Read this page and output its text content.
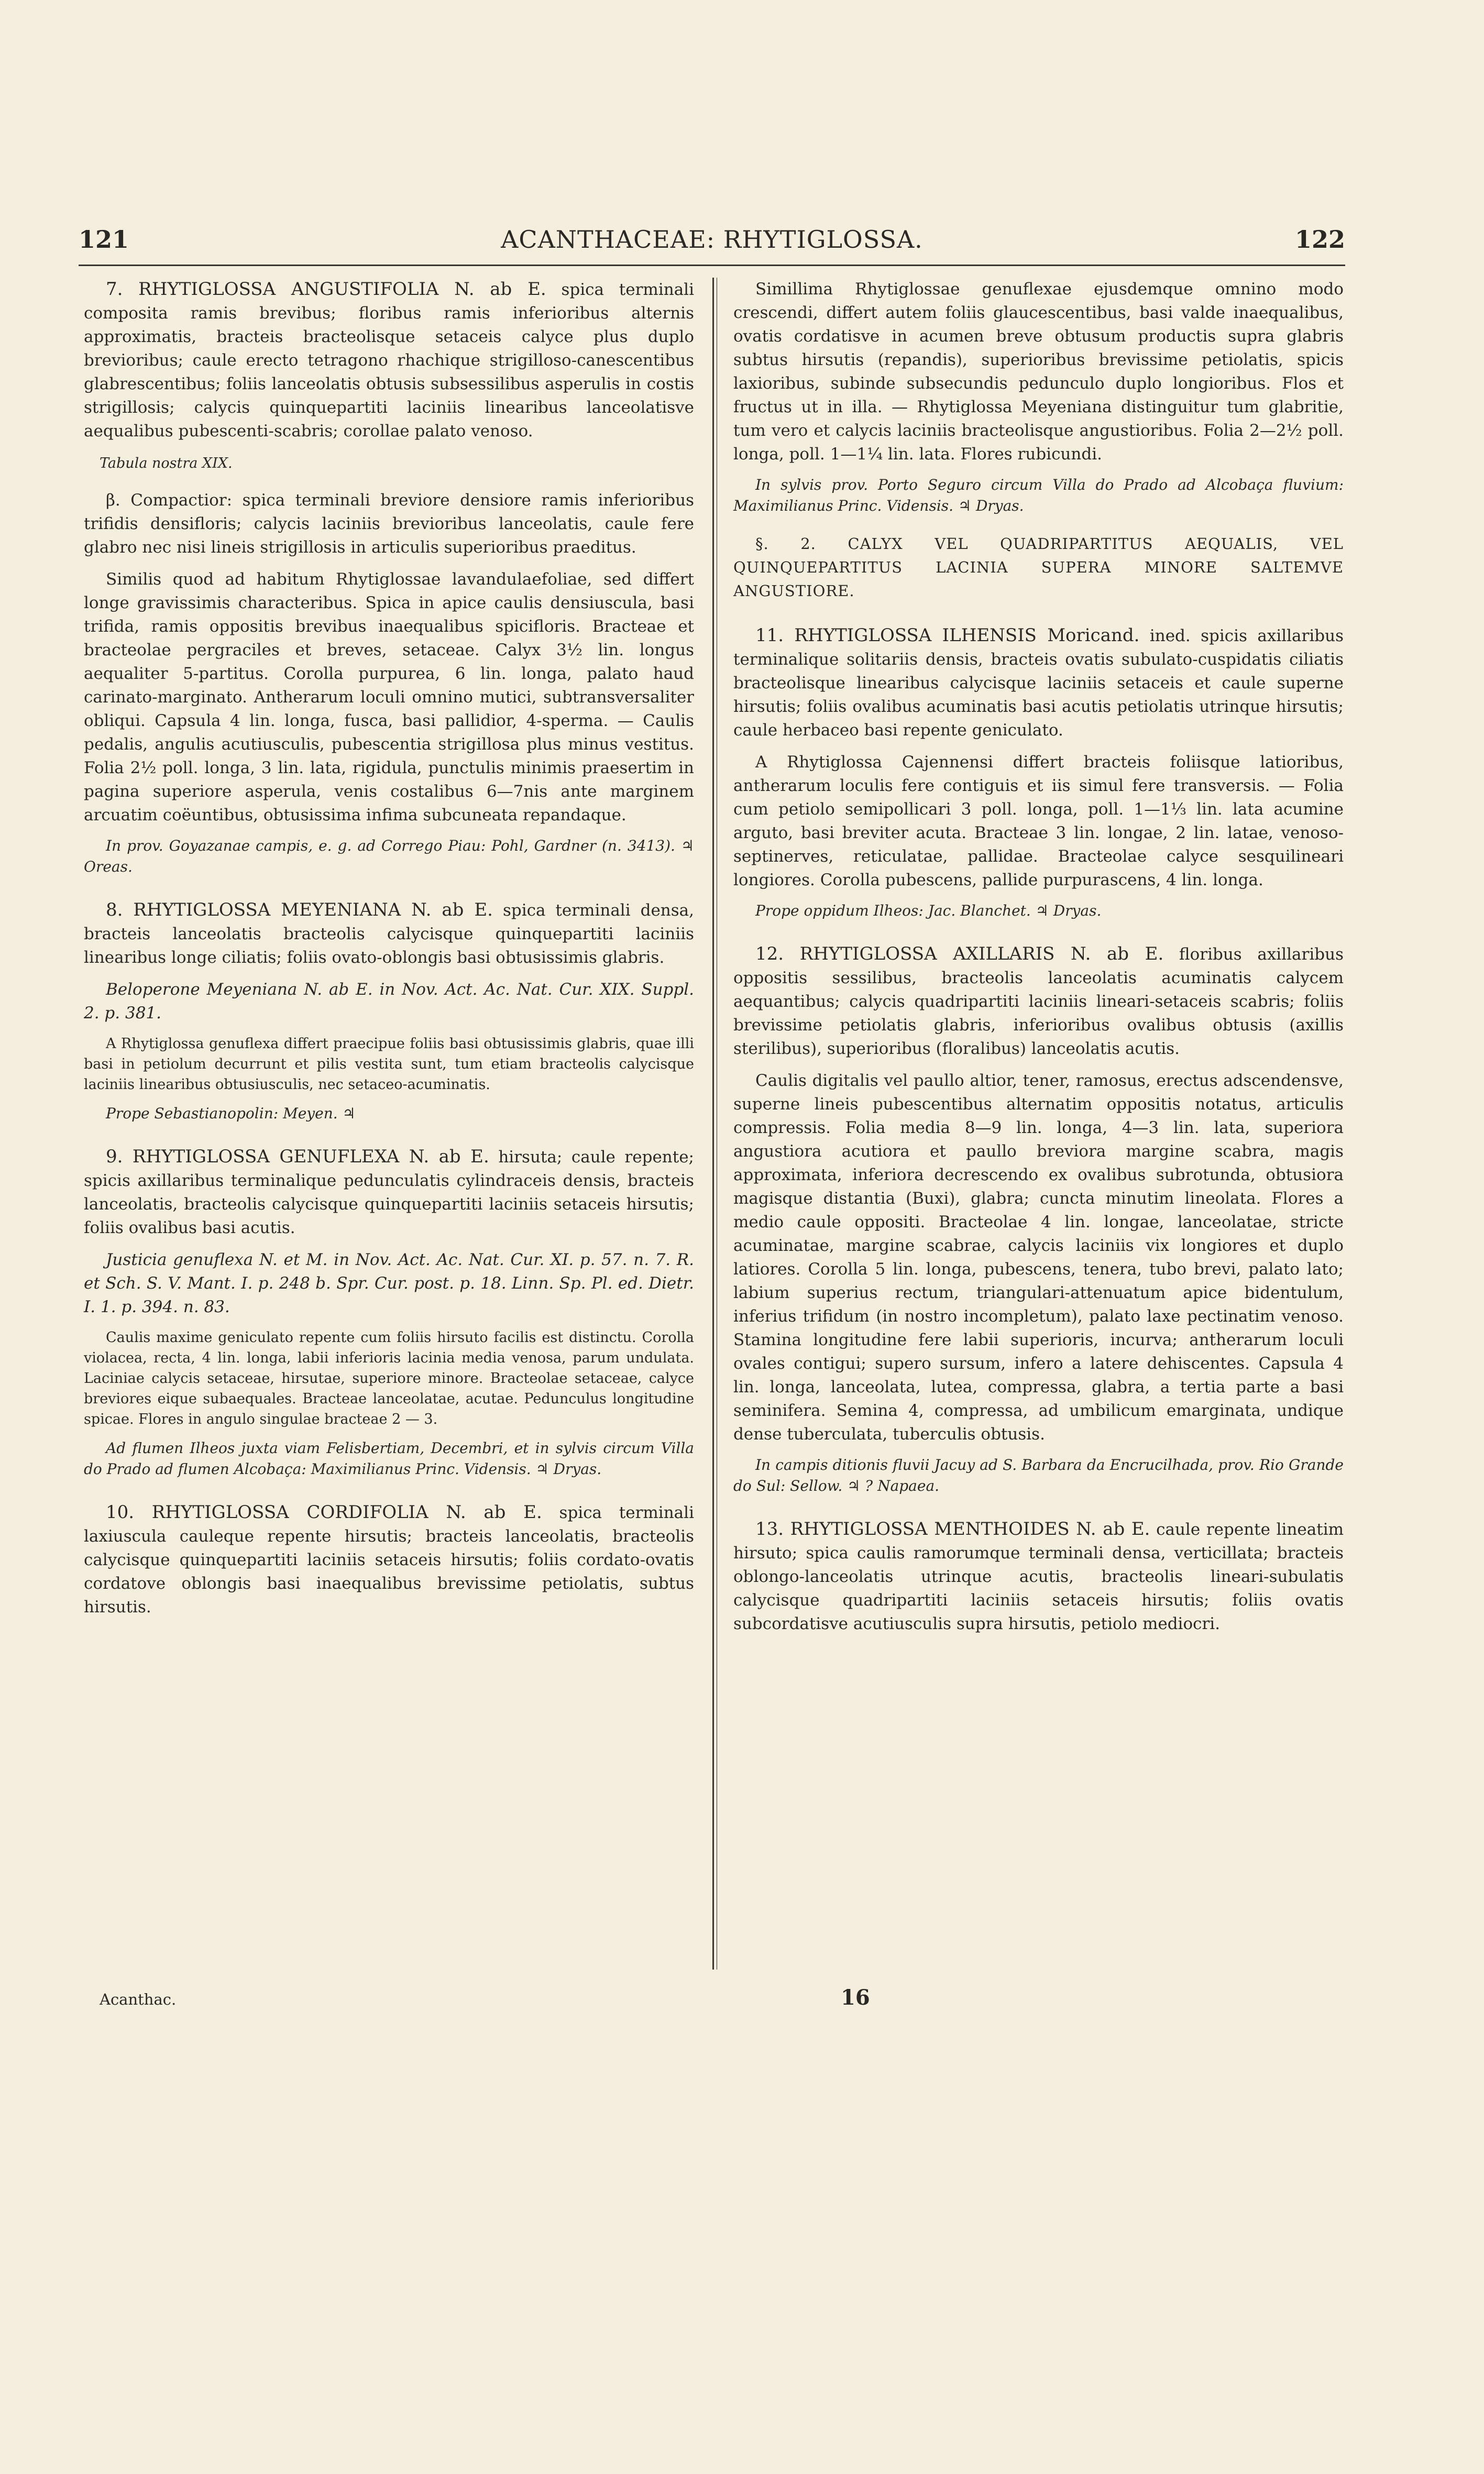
121	ACANTHACEAE: RHYTIGLOSSA.	122

7. RHYTIGLOSSA ANGUSTIFOLIA N. ab E. spica terminali composita ramis brevibus; floribus ramis inferioribus alternis approximatis, bracteis bracteolisque setaceis calyce plus duplo brevioribus; caule erecto tetragono rhachique strigilloso-canescentibus glabrescentibus; foliis lanceolatis obtusis subsessilibus asperulis in costis strigillosis; calycis quinquepartiti laciniis linearibus lanceolatisve aequalibus pubescenti-scabris; corollae palato venoso.

Tabula nostra XIX.

β. Compactior: spica terminali breviore densiore ramis inferioribus trifidis densifloris; calycis laciniis brevioribus lanceolatis, caule fere glabro nec nisi lineis strigillosis in articulis superioribus praeditus.

Similis quod ad habitum Rhytiglossae lavandulaefoliae, sed differt longe gravissimis characteribus. Spica in apice caulis densiuscula, basi trifida, ramis oppositis brevibus inaequalibus spicifloris. Bracteae et bracteolae pergraciles et breves, setaceae. Calyx 3½ lin. longus aequaliter 5-partitus. Corolla purpurea, 6 lin. longa, palato haud carinato-marginato. Antherarum loculi omnino mutici, subtransversaliter obliqui. Capsula 4 lin. longa, fusca, basi pallidior, 4-sperma. — Caulis pedalis, angulis acutiusculis, pubescentia strigillosa plus minus vestitus. Folia 2½ poll. longa, 3 lin. lata, rigidula, punctulis minimis praesertim in pagina superiore asperula, venis costalibus 6—7nis ante marginem arcuatim coëuntibus, obtusissima infima subcuneata repandaque.

In prov. Goyazanae campis, e. g. ad Corrego Piau: Pohl, Gardner (n. 3413). ♃ Oreas.

8. RHYTIGLOSSA MEYENIANA N. ab E. spica terminali densa, bracteis lanceolatis bracteolis calycisque quinquepartiti laciniis linearibus longe ciliatis; foliis ovato-oblongis basi obtusissimis glabris.

Beloperone Meyeniana N. ab E. in Nov. Act. Ac. Nat. Cur. XIX. Suppl. 2. p. 381.

A Rhytiglossa genuflexa differt praecipue foliis basi obtusissimis glabris, quae illi basi in petiolum decurrunt et pilis vestita sunt, tum etiam bracteolis calycisque laciniis linearibus obtusiusculis, nec setaceo-acuminatis.

Prope Sebastianopolin: Meyen. ♃

9. RHYTIGLOSSA GENUFLEXA N. ab E. hirsuta; caule repente; spicis axillaribus terminalique pedunculatis cylindraceis densis, bracteis lanceolatis, bracteolis calycisque quinquepartiti laciniis setaceis hirsutis; foliis ovalibus basi acutis.

Justicia genuflexa N. et M. in Nov. Act. Ac. Nat. Cur. XI. p. 57. n. 7. R. et Sch. S. V. Mant. I. p. 248 b. Spr. Cur. post. p. 18. Linn. Sp. Pl. ed. Dietr. I. 1. p. 394. n. 83.

Caulis maxime geniculato repente cum foliis hirsuto facilis est distinctu. Corolla violacea, recta, 4 lin. longa, labii inferioris lacinia media venosa, parum undulata. Laciniae calycis setaceae, hirsutae, superiore minore. Bracteolae setaceae, calyce breviores eique subaequales. Bracteae lanceolatae, acutae. Pedunculus longitudine spicae. Flores in angulo singulae bracteae 2 — 3.

Ad flumen Ilheos juxta viam Felisbertiam, Decembri, et in sylvis circum Villa do Prado ad flumen Alcobaça: Maximilianus Princ. Vidensis. ♃ Dryas.

10. RHYTIGLOSSA CORDIFOLIA N. ab E. spica terminali laxiuscula cauleque repente hirsutis; bracteis lanceolatis, bracteolis calycisque quinquepartiti laciniis setaceis hirsutis; foliis cordato-ovatis cordatove oblongis basi inaequalibus brevissime petiolatis, subtus hirsutis.

Simillima Rhytiglossae genuflexae ejusdemque omnino modo crescendi, differt autem foliis glaucescentibus, basi valde inaequalibus, ovatis cordatisve in acumen breve obtusum productis supra glabris subtus hirsutis (repandis), superioribus brevissime petiolatis, spicis laxioribus, subinde subsecundis pedunculo duplo longioribus. Flos et fructus ut in illa. — Rhytiglossa Meyeniana distinguitur tum glabritie, tum vero et calycis laciniis bracteolisque angustioribus. Folia 2—2½ poll. longa, poll. 1—1¼ lin. lata. Flores rubicundi.

In sylvis prov. Porto Seguro circum Villa do Prado ad Alcobaça fluvium: Maximilianus Princ. Vidensis. ♃ Dryas.

§. 2. CALYX VEL QUADRIPARTITUS AEQUALIS, VEL QUINQUEPARTITUS LACINIA SUPERA MINORE SALTEMVE ANGUSTIORE.

11. RHYTIGLOSSA ILHENSIS Moricand. ined. spicis axillaribus terminalique solitariis densis, bracteis ovatis subulato-cuspidatis ciliatis bracteolisque linearibus calycisque laciniis setaceis et caule superne hirsutis; foliis ovalibus acuminatis basi acutis petiolatis utrinque hirsutis; caule herbaceo basi repente geniculato.

A Rhytiglossa Cajennensi differt bracteis foliisque latioribus, antherarum loculis fere contiguis et iis simul fere transversis. — Folia cum petiolo semipollicari 3 poll. longa, poll. 1—1⅓ lin. lata acumine arguto, basi breviter acuta. Bracteae 3 lin. longae, 2 lin. latae, venoso-septinerves, reticulatae, pallidae. Bracteolae calyce sesquilineari longiores. Corolla pubescens, pallide purpurascens, 4 lin. longa.

Prope oppidum Ilheos: Jac. Blanchet. ♃ Dryas.

12. RHYTIGLOSSA AXILLARIS N. ab E. floribus axillaribus oppositis sessilibus, bracteolis lanceolatis acuminatis calycem aequantibus; calycis quadripartiti laciniis lineari-setaceis scabris; foliis brevissime petiolatis glabris, inferioribus ovalibus obtusis (axillis sterilibus), superioribus (floralibus) lanceolatis acutis.

Caulis digitalis vel paullo altior, tener, ramosus, erectus adscendensve, superne lineis pubescentibus alternatim oppositis notatus, articulis compressis. Folia media 8—9 lin. longa, 4—3 lin. lata, superiora angustiora acutiora et paullo breviora margine scabra, magis approximata, inferiora decrescendo ex ovalibus subrotunda, obtusiora magisque distantia (Buxi), glabra; cuncta minutim lineolata. Flores a medio caule oppositi. Bracteolae 4 lin. longae, lanceolatae, stricte acuminatae, margine scabrae, calycis laciniis vix longiores et duplo latiores. Corolla 5 lin. longa, pubescens, tenera, tubo brevi, palato lato; labium superius rectum, triangulari-attenuatum apice bidentulum, inferius trifidum (in nostro incompletum), palato laxe pectinatim venoso. Stamina longitudine fere labii superioris, incurva; antherarum loculi ovales contigui; supero sursum, infero a latere dehiscentes. Capsula 4 lin. longa, lanceolata, lutea, compressa, glabra, a tertia parte a basi seminifera. Semina 4, compressa, ad umbilicum emarginata, undique dense tuberculata, tuberculis obtusis.

In campis ditionis fluvii Jacuy ad S. Barbara da Encrucilhada, prov. Rio Grande do Sul: Sellow. ♃ ? Napaea.

13. RHYTIGLOSSA MENTHOIDES N. ab E. caule repente lineatim hirsuto; spica caulis ramorumque terminali densa, verticillata; bracteis oblongo-lanceolatis utrinque acutis, bracteolis lineari-subulatis calycisque quadripartiti laciniis setaceis hirsutis; foliis ovatis subcordatisve acutiusculis supra hirsutis, petiolo mediocri.

Acanthac.	16
